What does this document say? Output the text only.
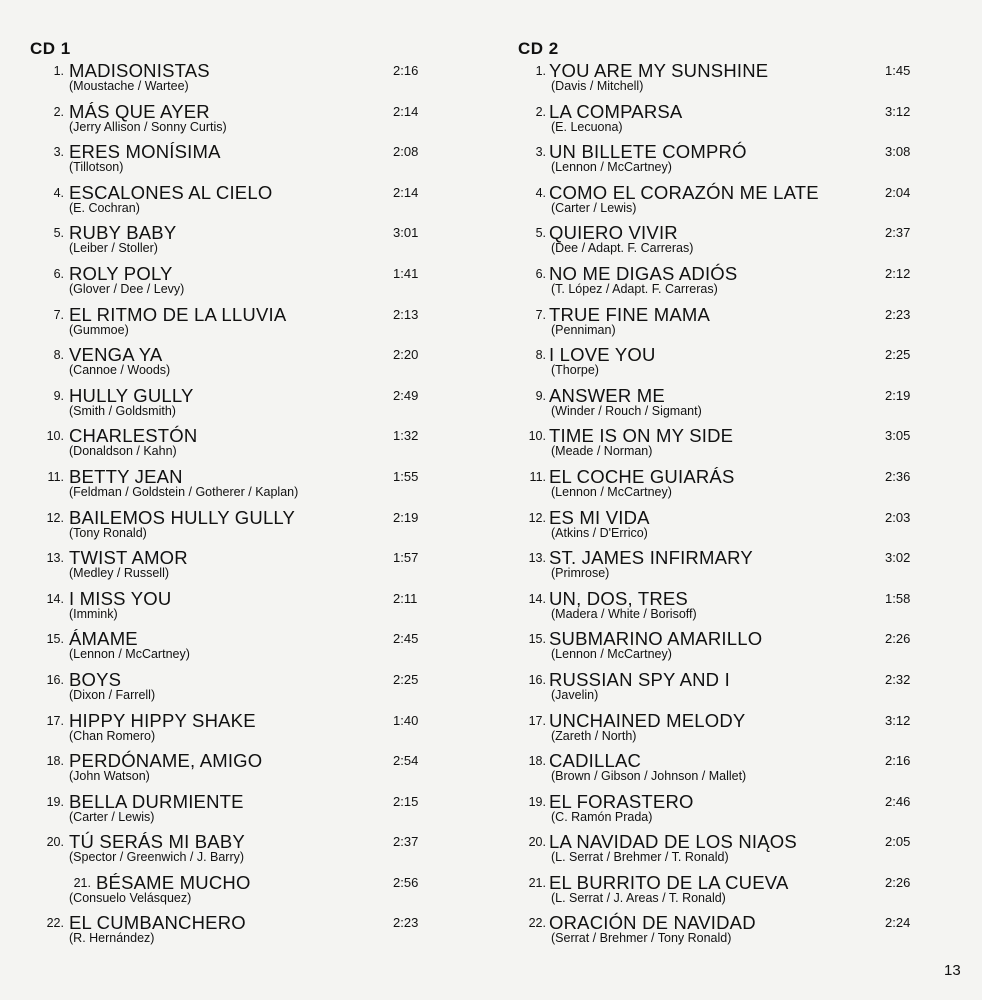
CD 1
1. MADISONISTAS
(Moustache / Wartee)
2:16
2. MÁS QUE AYER
(Jerry Allison / Sonny Curtis)
2:14
3. ERES MONÍSIMA
(Tillotson)
2:08
4. ESCALONES AL CIELO
(E. Cochran)
2:14
5. RUBY BABY
(Leiber / Stoller)
3:01
6. ROLY POLY
(Glover / Dee / Levy)
1:41
7. EL RITMO DE LA LLUVIA
(Gummoe)
2:13
8. VENGA YA
(Cannoe / Woods)
2:20
9. HULLY GULLY
(Smith / Goldsmith)
2:49
10. CHARLESTÓN
(Donaldson / Kahn)
1:32
11. BETTY JEAN
(Feldman / Goldstein / Gotherer / Kaplan)
1:55
12. BAILEMOS HULLY GULLY
(Tony Ronald)
2:19
13. TWIST AMOR
(Medley / Russell)
1:57
14. I MISS YOU
(Immink)
2:11
15. ÁMAME
(Lennon / McCartney)
2:45
16. BOYS
(Dixon / Farrell)
2:25
17. HIPPY HIPPY SHAKE
(Chan Romero)
1:40
18. PERDÓNAME, AMIGO
(John Watson)
2:54
19. BELLA DURMIENTE
(Carter / Lewis)
2:15
20. TÚ SERÁS MI BABY
(Spector / Greenwich / J. Barry)
2:37
21. BÉSAME MUCHO
(Consuelo Velásquez)
2:56
22. EL CUMBANCHERO
(R. Hernández)
2:23
CD 2
1. YOU ARE MY SUNSHINE
(Davis / Mitchell)
1:45
2. LA COMPARSA
(E. Lecuona)
3:12
3. UN BILLETE COMPRÓ
(Lennon / McCartney)
3:08
4. COMO EL CORAZÓN ME LATE
(Carter / Lewis)
2:04
5. QUIERO VIVIR
(Dee / Adapt. F. Carreras)
2:37
6. NO ME DIGAS ADIÓS
(T. López / Adapt. F. Carreras)
2:12
7. TRUE FINE MAMA
(Penniman)
2:23
8. I LOVE YOU
(Thorpe)
2:25
9. ANSWER ME
(Winder / Rouch / Sigmant)
2:19
10. TIME IS ON MY SIDE
(Meade / Norman)
3:05
11. EL COCHE GUIARÁS
(Lennon / McCartney)
2:36
12. ES MI VIDA
(Atkins / D'Errico)
2:03
13. ST. JAMES INFIRMARY
(Primrose)
3:02
14. UN, DOS, TRES
(Madera / White / Borisoff)
1:58
15. SUBMARINO AMARILLO
(Lennon / McCartney)
2:26
16. RUSSIAN SPY AND I
(Javelin)
2:32
17. UNCHAINED MELODY
(Zareth / North)
3:12
18. CADILLAC
(Brown / Gibson / Johnson / Mallet)
2:16
19. EL FORASTERO
(C. Ramón Prada)
2:46
20. LA NAVIDAD DE LOS NIĄOS
(L. Serrat / Brehmer / T. Ronald)
2:05
21. EL BURRITO DE LA CUEVA
(L. Serrat / J. Areas / T. Ronald)
2:26
22. ORACIÓN DE NAVIDAD
(Serrat / Brehmer / Tony Ronald)
2:24
13
